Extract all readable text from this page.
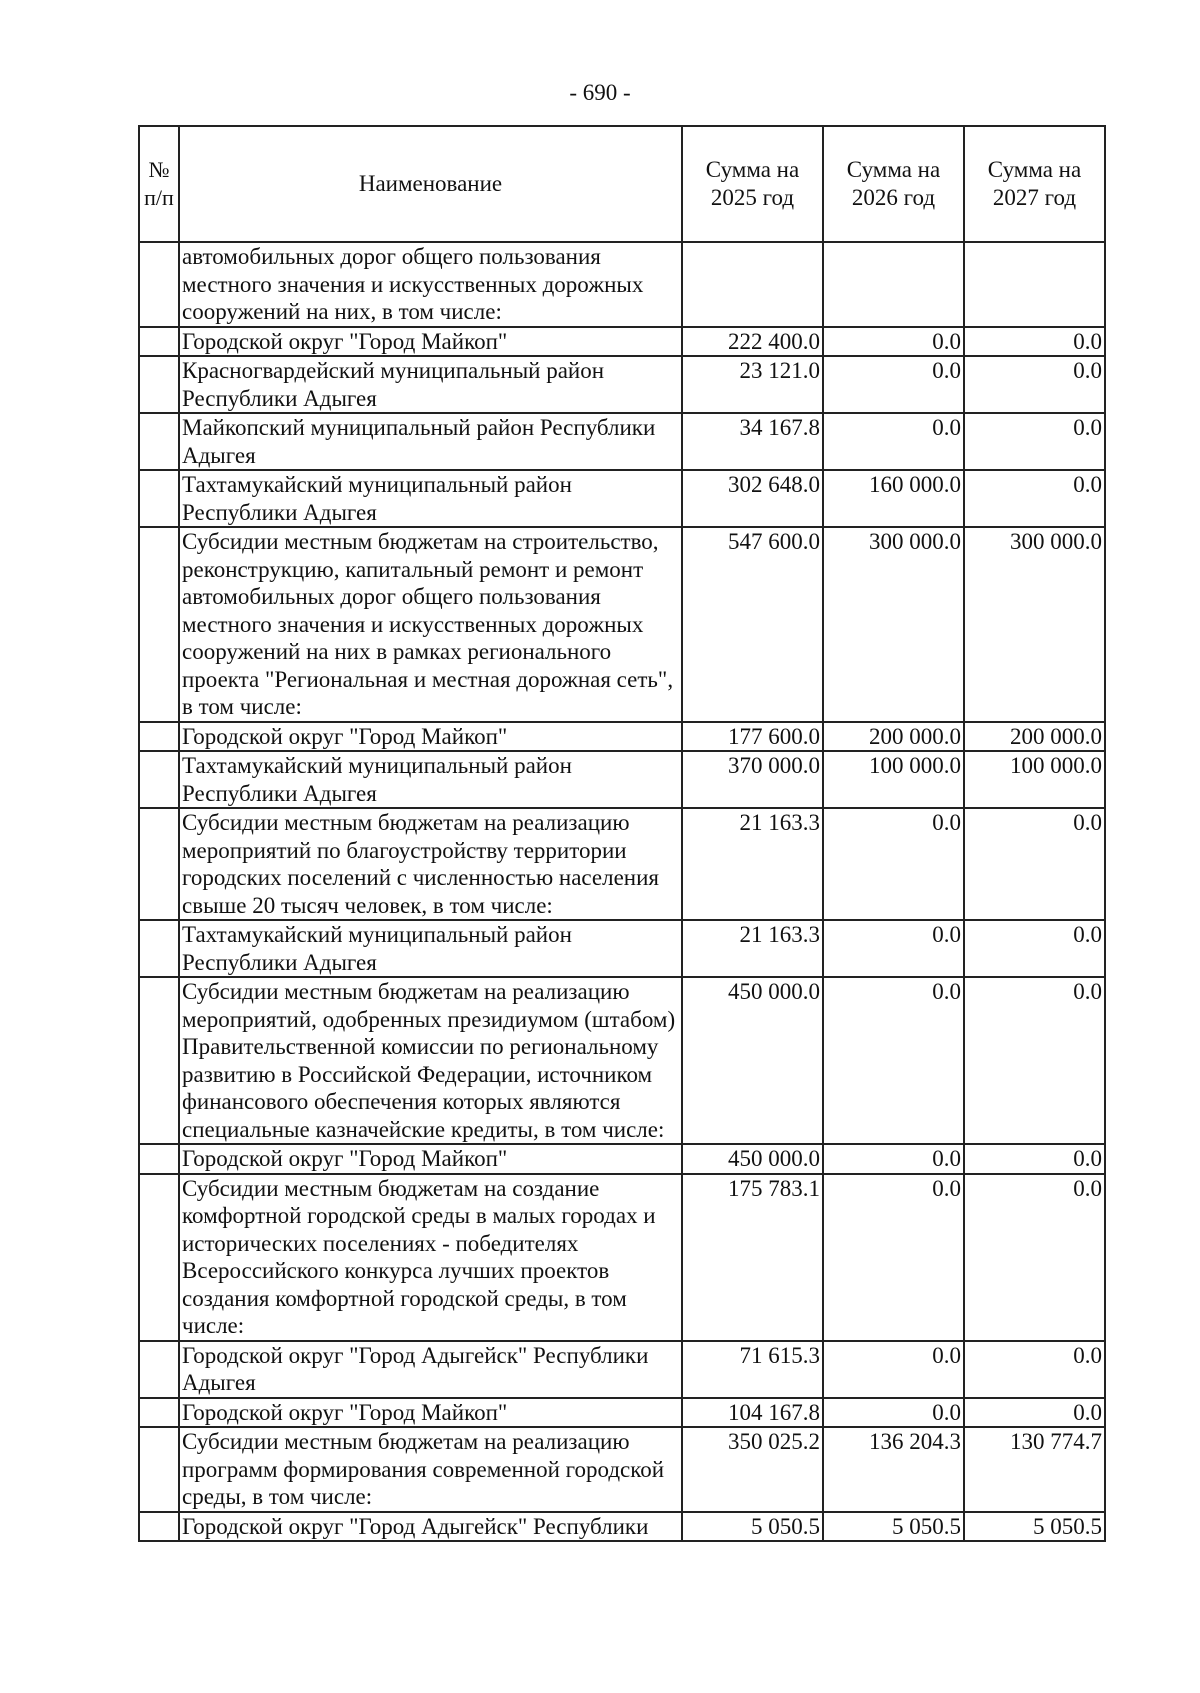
- 690 -
№ п/п	Наименование	Сумма на 2025 год	Сумма на 2026 год	Сумма на 2027 год
	автомобильных дорог общего пользования местного значения и искусственных дорожных сооружений на них, в том числе:			
	Городской округ "Город Майкоп"	222 400.0	0.0	0.0
	Красногвардейский муниципальный район Республики Адыгея	23 121.0	0.0	0.0
	Майкопский муниципальный район Республики Адыгея	34 167.8	0.0	0.0
	Тахтамукайский муниципальный район Республики Адыгея	302 648.0	160 000.0	0.0
	Субсидии местным бюджетам на строительство, реконструкцию, капитальный ремонт и ремонт автомобильных дорог общего пользования местного значения и искусственных дорожных сооружений на них в рамках регионального проекта "Региональная и местная дорожная сеть", в том числе:	547 600.0	300 000.0	300 000.0
	Городской округ "Город Майкоп"	177 600.0	200 000.0	200 000.0
	Тахтамукайский муниципальный район Республики Адыгея	370 000.0	100 000.0	100 000.0
	Субсидии местным бюджетам на реализацию мероприятий по благоустройству территории городских поселений с численностью населения свыше 20 тысяч человек, в том числе:	21 163.3	0.0	0.0
	Тахтамукайский муниципальный район Республики Адыгея	21 163.3	0.0	0.0
	Субсидии местным бюджетам на реализацию мероприятий, одобренных президиумом (штабом) Правительственной комиссии по региональному развитию в Российской Федерации, источником финансового обеспечения которых являются специальные казначейские кредиты, в том числе:	450 000.0	0.0	0.0
	Городской округ "Город Майкоп"	450 000.0	0.0	0.0
	Субсидии местным бюджетам на создание комфортной городской среды в малых городах и исторических поселениях - победителях Всероссийского конкурса лучших проектов создания комфортной городской среды, в том числе:	175 783.1	0.0	0.0
	Городской округ "Город Адыгейск" Республики Адыгея	71 615.3	0.0	0.0
	Городской округ "Город Майкоп"	104 167.8	0.0	0.0
	Субсидии местным бюджетам на реализацию программ формирования современной городской среды, в том числе:	350 025.2	136 204.3	130 774.7
	Городской округ "Город Адыгейск" Республики	5 050.5	5 050.5	5 050.5
